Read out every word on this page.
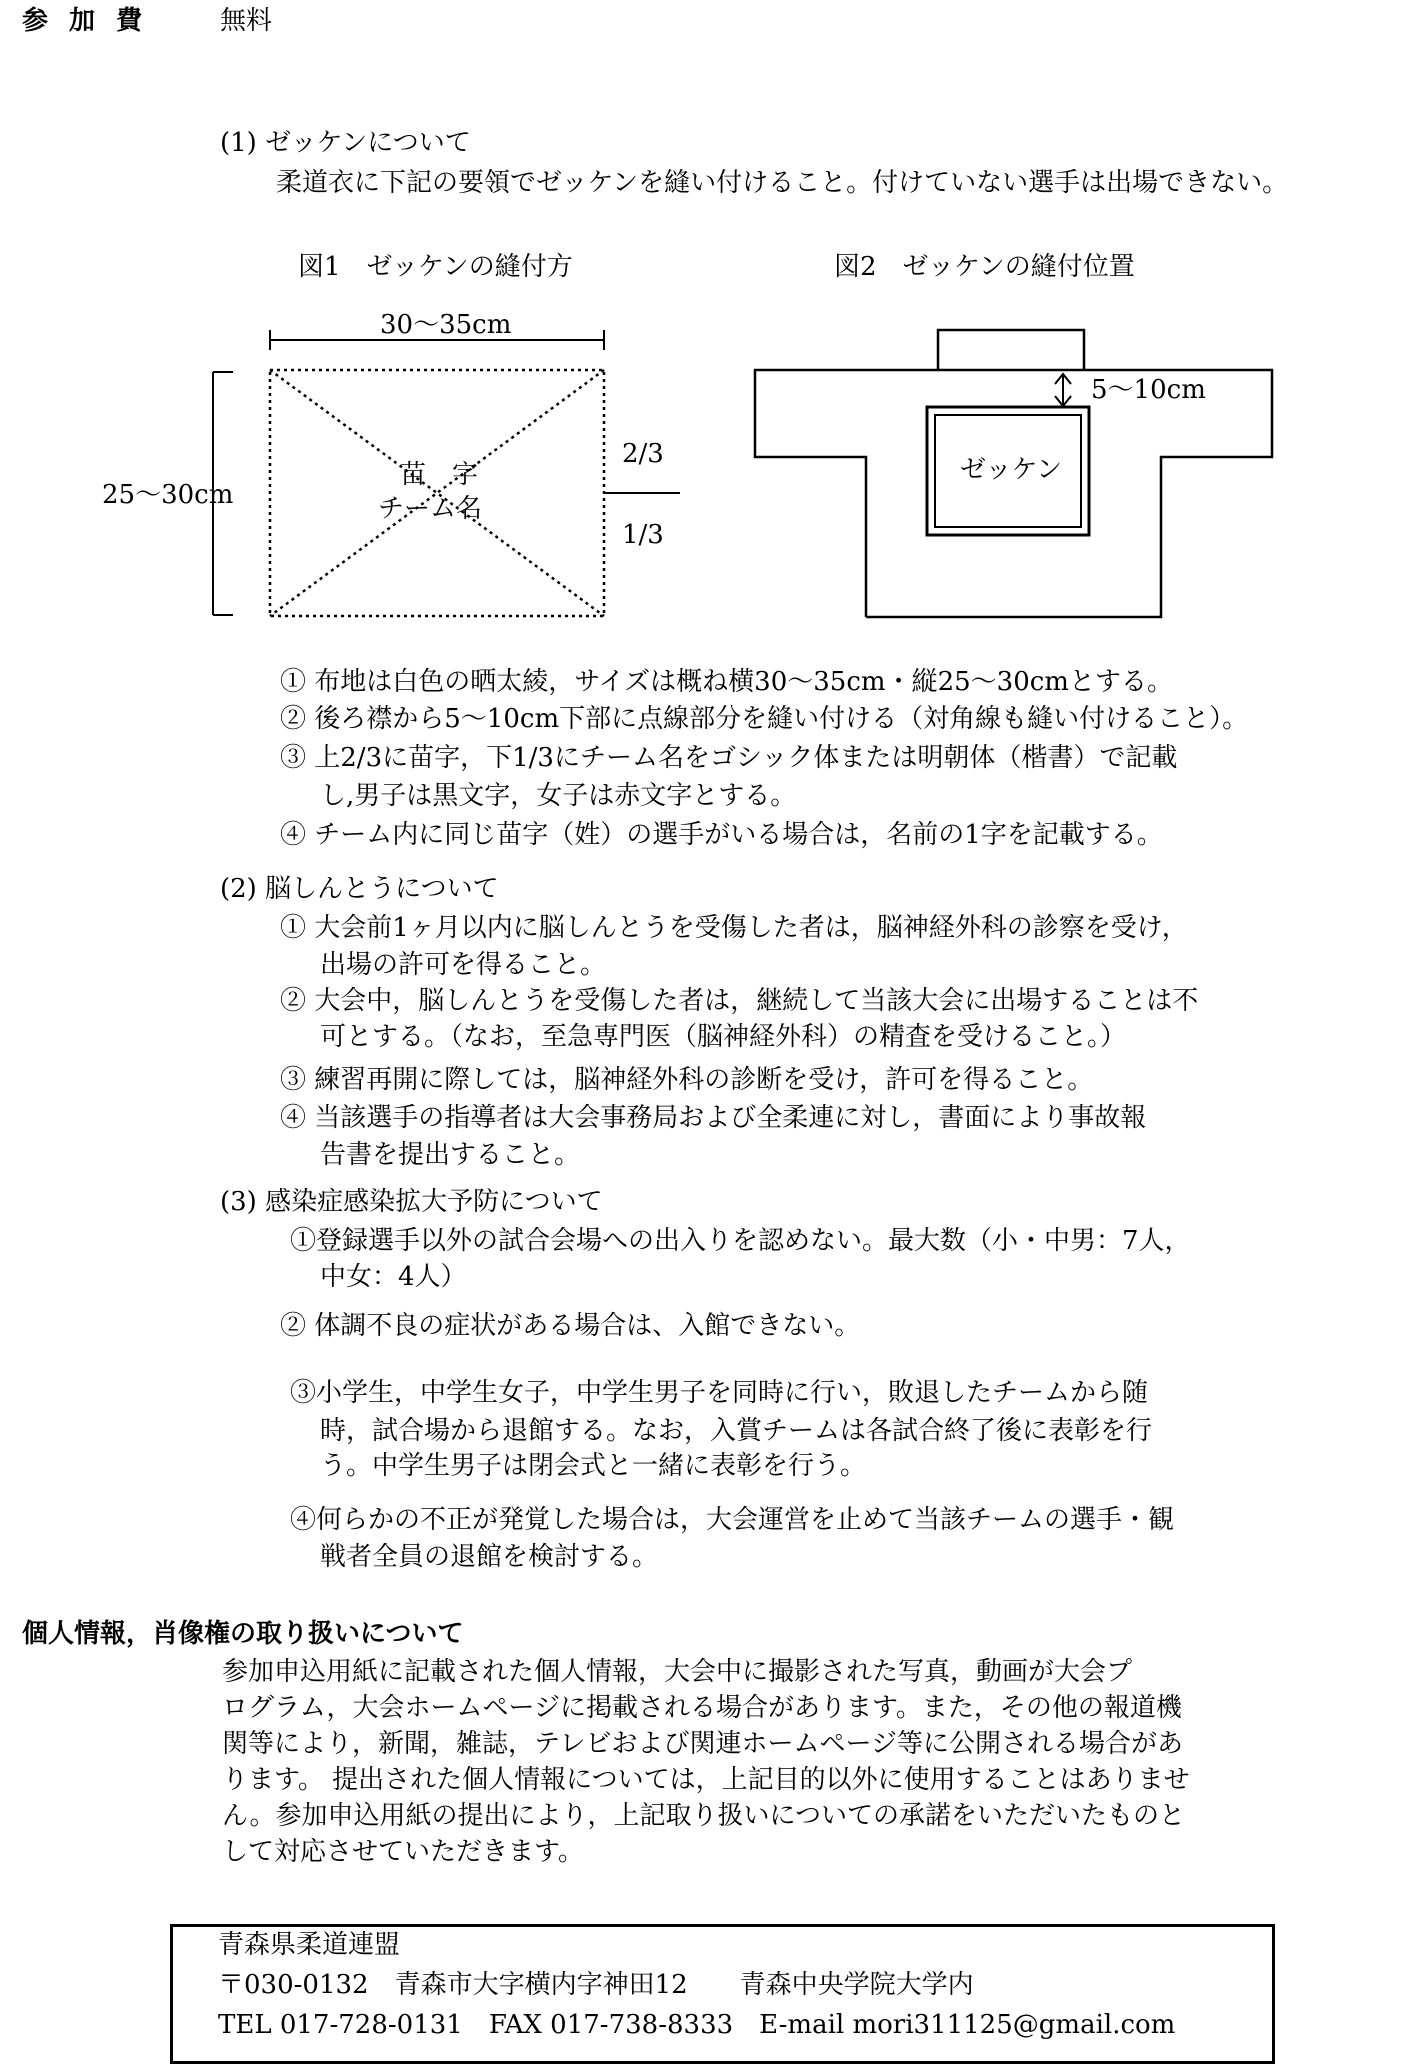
参 加 費	無料
(1) ゼッケンについて
柔道衣に下記の要領でゼッケンを縫い付けること。付けていない選手は出場できない。
図1　ゼッケンの縫付方	図2　ゼッケンの縫付位置
30〜35cm
25〜30cm
苗　字
チーム名
2/3
1/3
5〜10cm
ゼッケン
① 布地は白色の晒太綾，サイズは概ね横30〜35cm・縦25〜30cmとする。
② 後ろ襟から5〜10cm下部に点線部分を縫い付ける（対角線も縫い付けること）。
③ 上2/3に苗字，下1/3にチーム名をゴシック体または明朝体（楷書）で記載
し,男子は黒文字，女子は赤文字とする。
④ チーム内に同じ苗字（姓）の選手がいる場合は，名前の1字を記載する。
(2) 脳しんとうについて
① 大会前1ヶ月以内に脳しんとうを受傷した者は，脳神経外科の診察を受け，
出場の許可を得ること。
② 大会中，脳しんとうを受傷した者は，継続して当該大会に出場することは不
可とする。（なお，至急専門医（脳神経外科）の精査を受けること。）
③ 練習再開に際しては，脳神経外科の診断を受け，許可を得ること。
④ 当該選手の指導者は大会事務局および全柔連に対し，書面により事故報
告書を提出すること。
(3) 感染症感染拡大予防について
①登録選手以外の試合会場への出入りを認めない。最大数（小・中男：7人，
中女：4人）
② 体調不良の症状がある場合は、入館できない。
③小学生，中学生女子，中学生男子を同時に行い，敗退したチームから随
時，試合場から退館する。なお，入賞チームは各試合終了後に表彰を行
う。中学生男子は閉会式と一緒に表彰を行う。
④何らかの不正が発覚した場合は，大会運営を止めて当該チームの選手・観
戦者全員の退館を検討する。
個人情報，肖像権の取り扱いについて
参加申込用紙に記載された個人情報，大会中に撮影された写真，動画が大会プ
ログラム，大会ホームページに掲載される場合があります。また，その他の報道機
関等により，新聞，雑誌，テレビおよび関連ホームページ等に公開される場合があ
ります。 提出された個人情報については，上記目的以外に使用することはありませ
ん。参加申込用紙の提出により，上記取り扱いについての承諾をいただいたものと
して対応させていただきます。
青森県柔道連盟
〒030-0132　青森市大字横内字神田12　　青森中央学院大学内
TEL 017-728-0131　FAX 017-738-8333　E-mail mori311125@gmail.com
